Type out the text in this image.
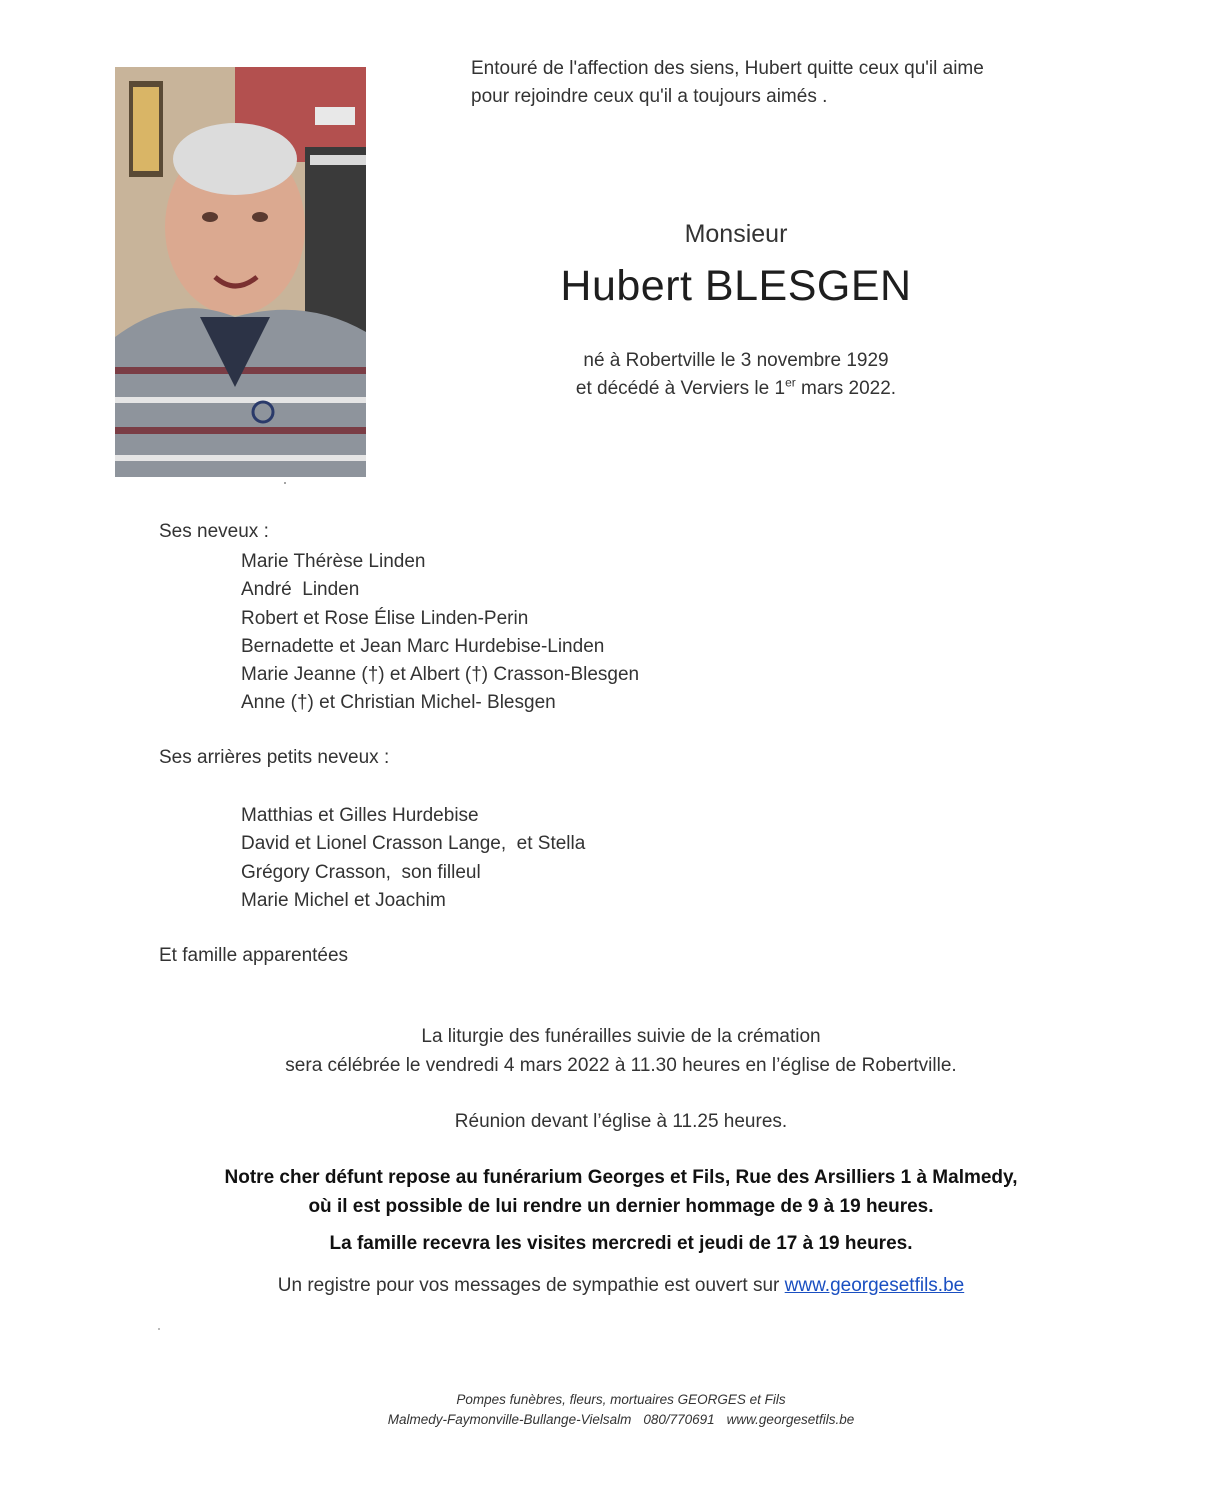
Entouré de l'affection des siens, Hubert quitte ceux qu'il aime
pour rejoindre ceux qu'il a toujours aimés .
Monsieur
Hubert BLESGEN
né à Robertville le 3 novembre 1929
et décédé à Verviers le 1er mars 2022.
Ses neveux :
Marie Thérèse Linden
André  Linden
Robert et Rose Élise Linden-Perin
Bernadette et Jean Marc Hurdebise-Linden
Marie Jeanne (†) et Albert (†) Crasson-Blesgen
Anne (†) et Christian Michel- Blesgen
Ses arrières petits neveux :
Matthias et Gilles Hurdebise
David et Lionel Crasson Lange,  et Stella
Grégory Crasson,  son filleul
Marie Michel et Joachim
Et famille apparentées
La liturgie des funérailles suivie de la crémation
sera célébrée le vendredi 4 mars 2022 à 11.30 heures en l’église de Robertville.
Réunion devant l’église à 11.25 heures.
Notre cher défunt repose au funérarium Georges et Fils, Rue des Arsilliers 1 à Malmedy,
où il est possible de lui rendre un dernier hommage de 9 à 19 heures.
La famille recevra les visites mercredi et jeudi de 17 à 19 heures.
Un registre pour vos messages de sympathie est ouvert sur www.georgesetfils.be
Pompes funèbres, fleurs, mortuaires GEORGES et Fils
Malmedy-Faymonville-Bullange-Vielsalm 080/770691 www.georgesetfils.be
